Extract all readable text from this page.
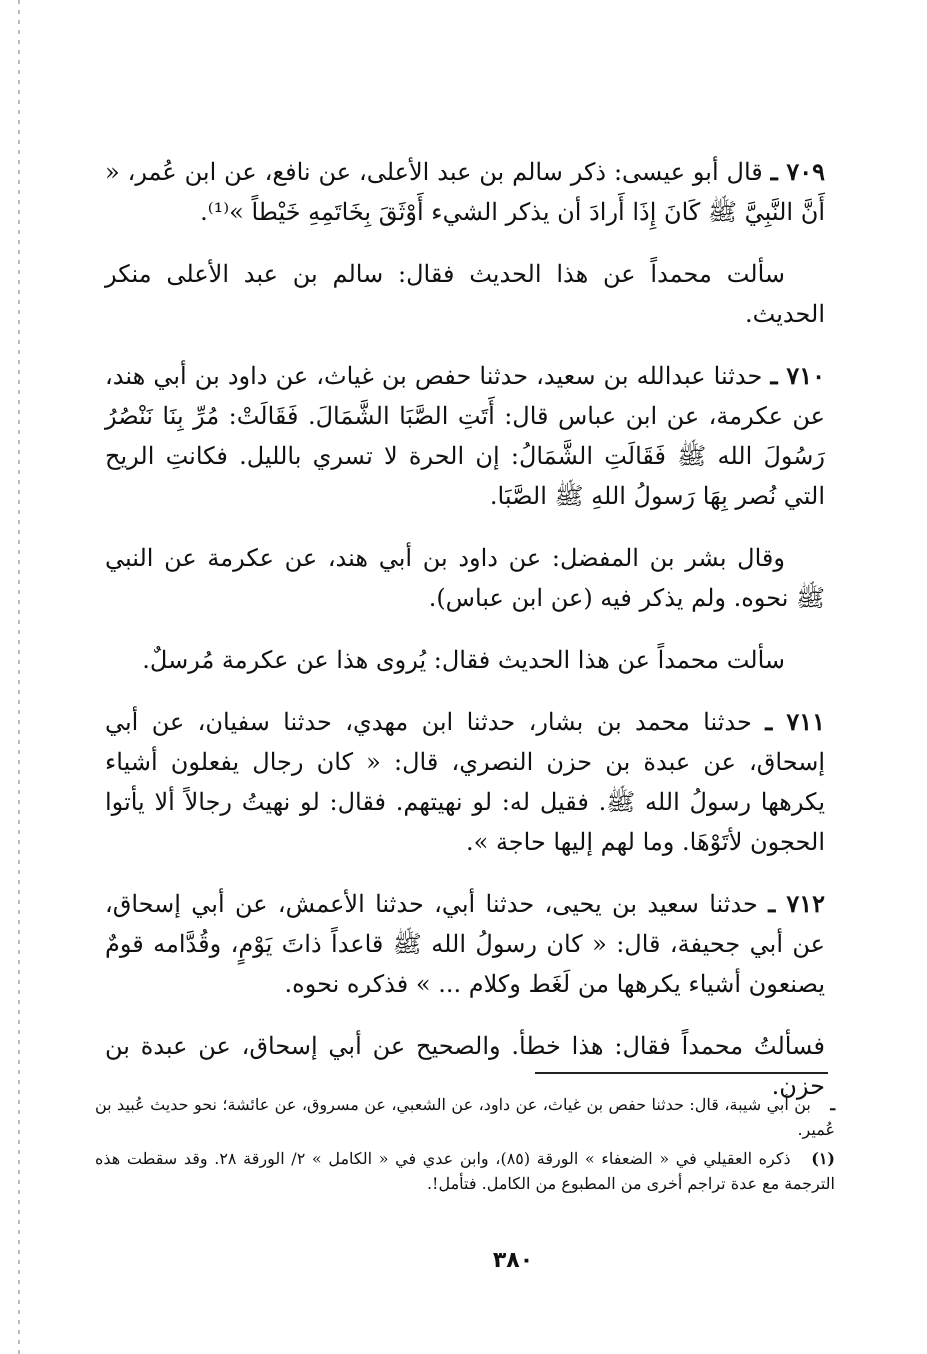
٧٠٩ ـ قال أبو عيسى: ذكر سالم بن عبد الأعلى، عن نافع، عن ابن عُمر، « أَنَّ النَّبِيَّ ﷺ كَانَ إِذَا أَرادَ أن يذكر الشيء أَوْثَقَ بِخَاتَمِهِ خَيْطاً »⁽¹⁾.

سألت محمداً عن هذا الحديث فقال: سالم بن عبد الأعلى منكر الحديث.

٧١٠ ـ حدثنا عبدالله بن سعيد، حدثنا حفص بن غياث، عن داود بن أبي هند، عن عكرمة، عن ابن عباس قال: أَتَتِ الصَّبَا الشَّمَالَ. فَقَالَتْ: مُرِّ بِنَا نَنْصُرُ رَسُولَ الله ﷺ فَقَالَتِ الشَّمَالُ: إن الحرة لا تسري بالليل. فكانتِ الريح التي نُصر بِهَا رَسولُ اللهِ ﷺ الصَّبَا.

وقال بشر بن المفضل: عن داود بن أبي هند، عن عكرمة عن النبي ﷺ نحوه. ولم يذكر فيه (عن ابن عباس).

سألت محمداً عن هذا الحديث فقال: يُروى هذا عن عكرمة مُرسلٌ.

٧١١ ـ حدثنا محمد بن بشار، حدثنا ابن مهدي، حدثنا سفيان، عن أبي إسحاق، عن عبدة بن حزن النصري، قال: « كان رجال يفعلون أشياء يكرهها رسولُ الله ﷺ. فقيل له: لو نهيتهم. فقال: لو نهيتُ رجالاً ألا يأتوا الحجون لأتَوْهَا. وما لهم إليها حاجة ».

٧١٢ ـ حدثنا سعيد بن يحيى، حدثنا أبي، حدثنا الأعمش، عن أبي إسحاق، عن أبي جحيفة، قال: « كان رسولُ الله ﷺ قاعداً ذاتَ يَوْمٍ، وقُدَّامه قومٌ يصنعون أشياء يكرهها من لَغَط وكلام ... » فذكره نحوه.

فسألتُ محمداً فقال: هذا خطأ. والصحيح عن أبي إسحاق، عن عبدة بن حزن.

ـ بن أبي شيبة، قال: حدثنا حفص بن غياث، عن داود، عن الشعبي، عن مسروق، عن عائشة؛ نحو حديث عُبيد بن عُمير.

(١) ذكره العقيلي في « الضعفاء » الورقة (٨٥)، وابن عدي في « الكامل » ٢/ الورقة ٢٨. وقد سقطت هذه الترجمة مع عدة تراجم أخرى من المطبوع من الكامل. فتأمل!.

٣٨٠
